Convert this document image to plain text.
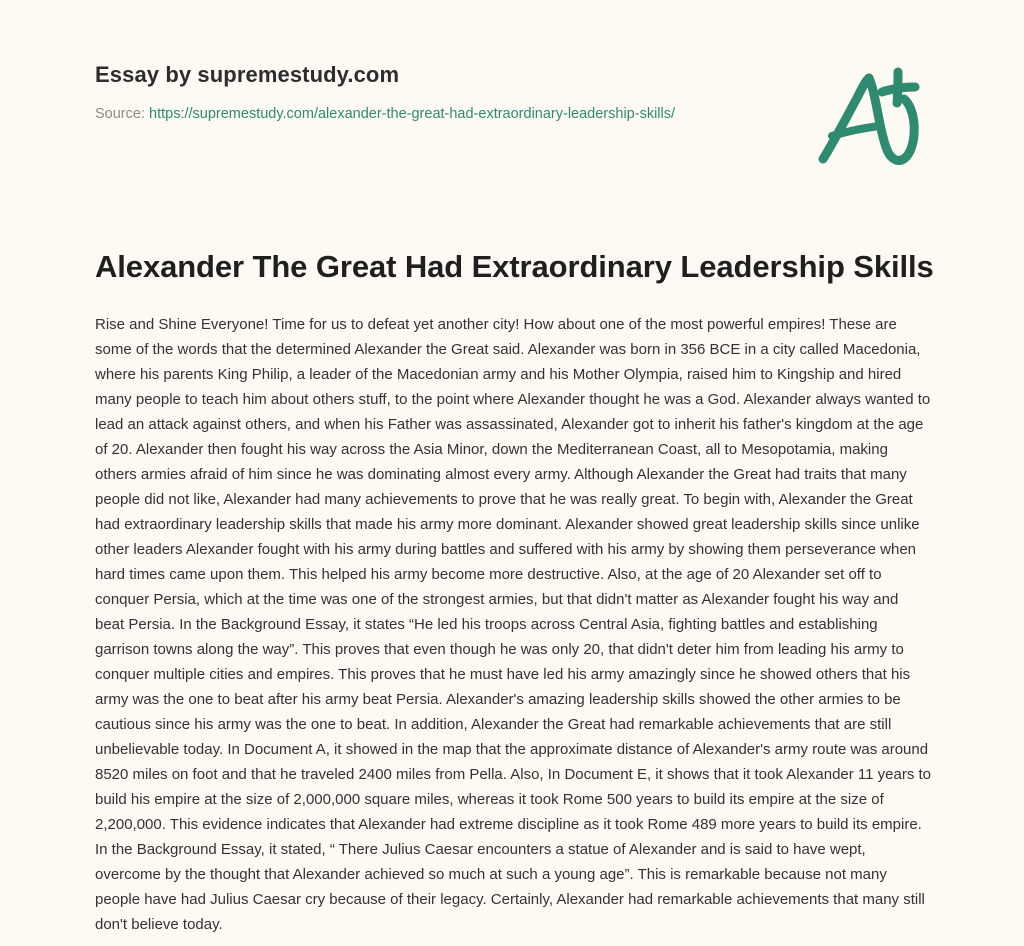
Essay by supremestudy.com
Source: https://supremestudy.com/alexander-the-great-had-extraordinary-leadership-skills/
Alexander The Great Had Extraordinary Leadership Skills

Rise and Shine Everyone! Time for us to defeat yet another city! How about one of the most powerful empires! These are some of the words that the determined Alexander the Great said. Alexander was born in 356 BCE in a city called Macedonia, where his parents King Philip, a leader of the Macedonian army and his Mother Olympia, raised him to Kingship and hired many people to teach him about others stuff, to the point where Alexander thought he was a God. Alexander always wanted to lead an attack against others, and when his Father was assassinated, Alexander got to inherit his father's kingdom at the age of 20. Alexander then fought his way across the Asia Minor, down the Mediterranean Coast, all to Mesopotamia, making others armies afraid of him since he was dominating almost every army. Although Alexander the Great had traits that many people did not like, Alexander had many achievements to prove that he was really great. To begin with, Alexander the Great had extraordinary leadership skills that made his army more dominant. Alexander showed great leadership skills since unlike other leaders Alexander fought with his army during battles and suffered with his army by showing them perseverance when hard times came upon them. This helped his army become more destructive. Also, at the age of 20 Alexander set off to conquer Persia, which at the time was one of the strongest armies, but that didn't matter as Alexander fought his way and beat Persia. In the Background Essay, it states “He led his troops across Central Asia, fighting battles and establishing garrison towns along the way”. This proves that even though he was only 20, that didn't deter him from leading his army to conquer multiple cities and empires. This proves that he must have led his army amazingly since he showed others that his army was the one to beat after his army beat Persia. Alexander's amazing leadership skills showed the other armies to be cautious since his army was the one to beat. In addition, Alexander the Great had remarkable achievements that are still unbelievable today. In Document A, it showed in the map that the approximate distance of Alexander's army route was around 8520 miles on foot and that he traveled 2400 miles from Pella. Also, In Document E, it shows that it took Alexander 11 years to build his empire at the size of 2,000,000 square miles, whereas it took Rome 500 years to build its empire at the size of 2,200,000. This evidence indicates that Alexander had extreme discipline as it took Rome 489 more years to build its empire. In the Background Essay, it stated, “ There Julius Caesar encounters a statue of Alexander and is said to have wept, overcome by the thought that Alexander achieved so much at such a young age”. This is remarkable because not many people have had Julius Caesar cry because of their legacy. Certainly, Alexander had remarkable achievements that many still don't believe today.
